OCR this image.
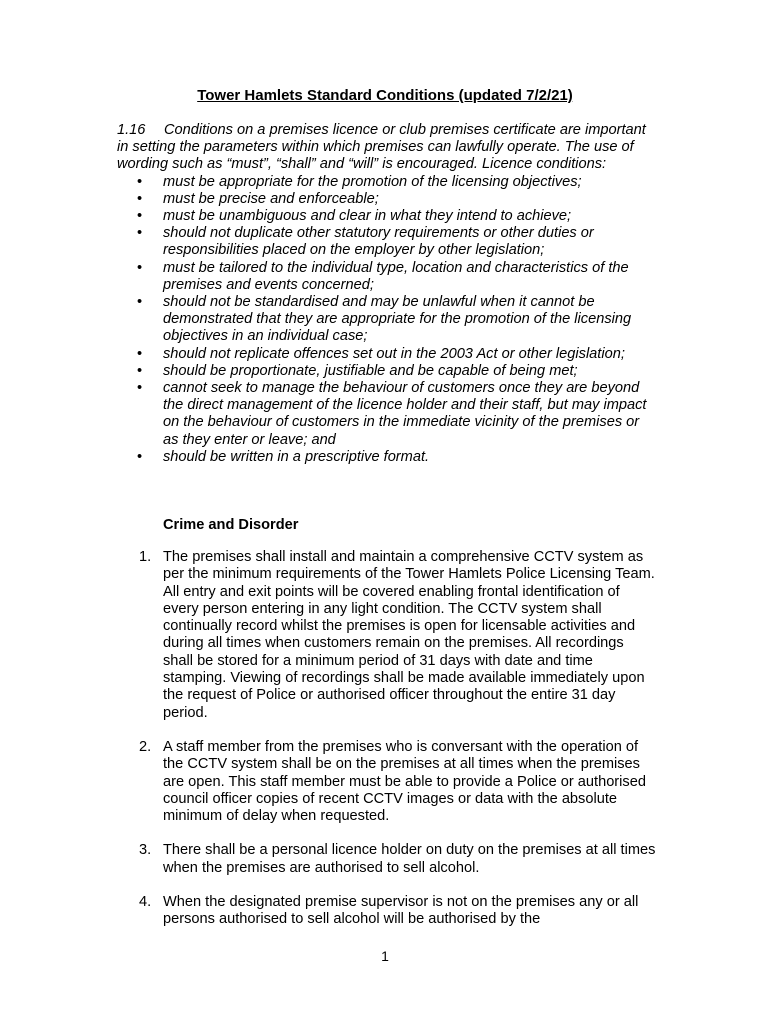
Tower Hamlets Standard Conditions (updated 7/2/21)
1.16 Conditions on a premises licence or club premises certificate are important in setting the parameters within which premises can lawfully operate. The use of wording such as “must”, “shall” and “will” is encouraged. Licence conditions:
• must be appropriate for the promotion of the licensing objectives;
• must be precise and enforceable;
• must be unambiguous and clear in what they intend to achieve;
• should not duplicate other statutory requirements or other duties or responsibilities placed on the employer by other legislation;
• must be tailored to the individual type, location and characteristics of the premises and events concerned;
• should not be standardised and may be unlawful when it cannot be demonstrated that they are appropriate for the promotion of the licensing objectives in an individual case;
• should not replicate offences set out in the 2003 Act or other legislation;
• should be proportionate, justifiable and be capable of being met;
• cannot seek to manage the behaviour of customers once they are beyond the direct management of the licence holder and their staff, but may impact on the behaviour of customers in the immediate vicinity of the premises or as they enter or leave; and
• should be written in a prescriptive format.
Crime and Disorder
1. The premises shall install and maintain a comprehensive CCTV system as per the minimum requirements of the Tower Hamlets Police Licensing Team. All entry and exit points will be covered enabling frontal identification of every person entering in any light condition. The CCTV system shall continually record whilst the premises is open for licensable activities and during all times when customers remain on the premises. All recordings shall be stored for a minimum period of 31 days with date and time stamping. Viewing of recordings shall be made available immediately upon the request of Police or authorised officer throughout the entire 31 day period.
2. A staff member from the premises who is conversant with the operation of the CCTV system shall be on the premises at all times when the premises are open. This staff member must be able to provide a Police or authorised council officer copies of recent CCTV images or data with the absolute minimum of delay when requested.
3. There shall be a personal licence holder on duty on the premises at all times when the premises are authorised to sell alcohol.
4. When the designated premise supervisor is not on the premises any or all persons authorised to sell alcohol will be authorised by the
1
